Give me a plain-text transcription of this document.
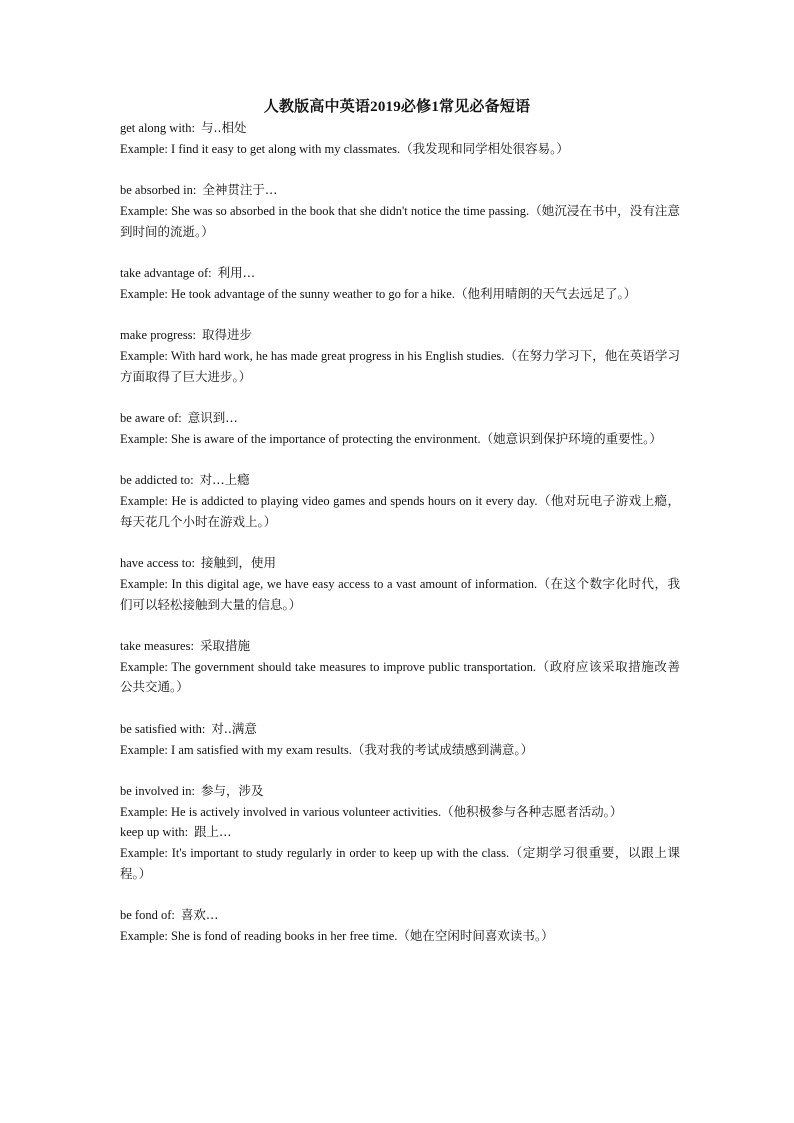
人教版高中英语2019必修1常见必备短语
get along with: 与..相处
Example: I find it easy to get along with my classmates.（我发现和同学相处很容易。）
be absorbed in: 全神贯注于…
Example: She was so absorbed in the book that she didn't notice the time passing.（她沉浸在书中，没有注意到时间的流逝。）
take advantage of: 利用…
Example: He took advantage of the sunny weather to go for a hike.（他利用晴朗的天气去远足了。）
make progress: 取得进步
Example: With hard work, he has made great progress in his English studies.（在努力学习下，他在英语学习方面取得了巨大进步。）
be aware of: 意识到…
Example: She is aware of the importance of protecting the environment.（她意识到保护环境的重要性。）
be addicted to: 对…上瘾
Example: He is addicted to playing video games and spends hours on it every day.（他对玩电子游戏上瘾，每天花几个小时在游戏上。）
have access to: 接触到，使用
Example: In this digital age, we have easy access to a vast amount of information.（在这个数字化时代，我们可以轻松接触到大量的信息。）
take measures: 采取措施
Example: The government should take measures to improve public transportation.（政府应该采取措施改善公共交通。）
be satisfied with: 对..满意
Example: I am satisfied with my exam results.（我对我的考试成绩感到满意。）
be involved in: 参与，涉及
Example: He is actively involved in various volunteer activities.（他积极参与各种志愿者活动。）
keep up with: 跟上…
Example: It's important to study regularly in order to keep up with the class.（定期学习很重要，以跟上课程。）
be fond of: 喜欢…
Example: She is fond of reading books in her free time.（她在空闲时间喜欢读书。）
